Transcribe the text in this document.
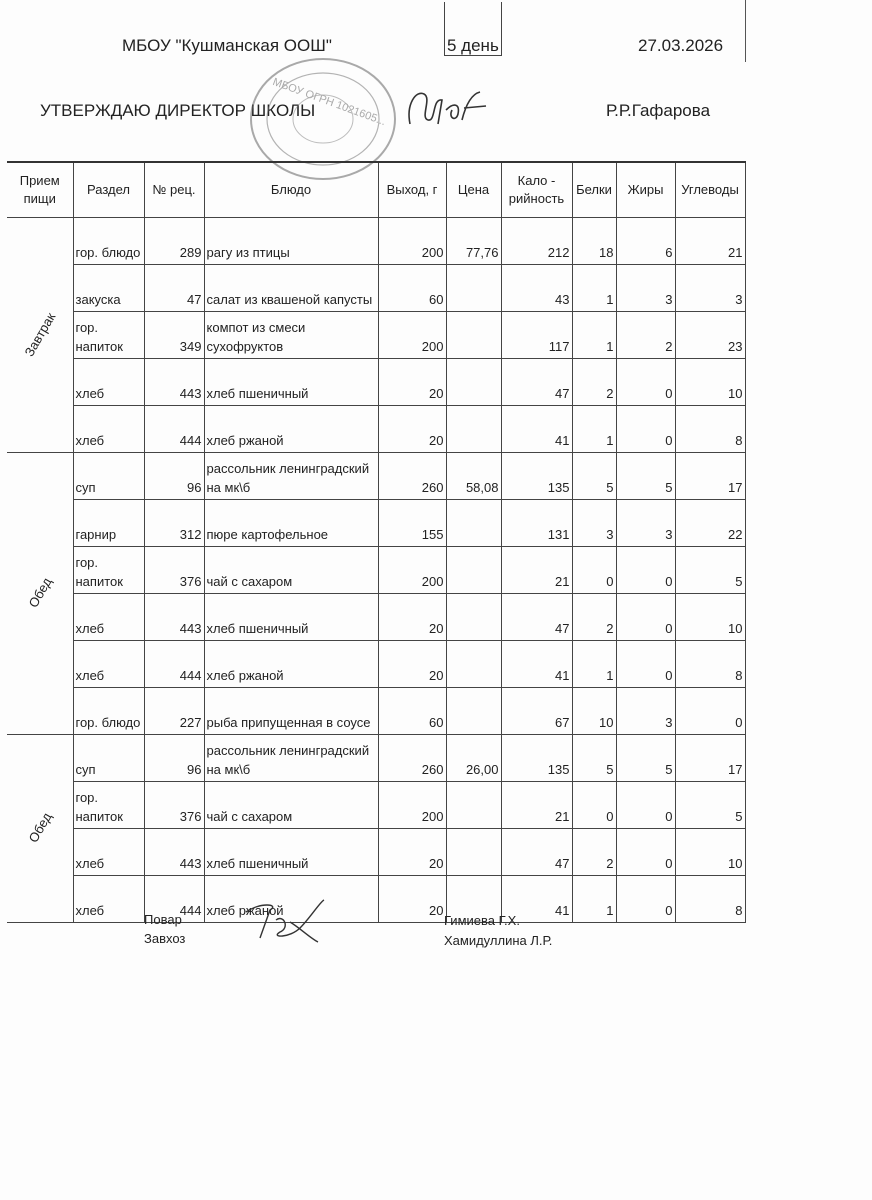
МБОУ "Кушманская ООШ"	5 день	27.03.2026
УТВЕРЖДАЮ ДИРЕКТОР ШКОЛЫ	Р.Р.Гафарова
МБОУ ОГРН 1021605...
Прием пищи	Раздел	№ рец.	Блюдо	Выход, г	Цена	Кало - рийность	Белки	Жиры	Углеводы
Завтрак	гор. блюдо	289	рагу из птицы	200	77,76	212	18	6	21
	закуска	47	салат из квашеной капусты	60		43	1	3	3
	гор. напиток	349	компот из смеси сухофруктов	200		117	1	2	23
	хлеб	443	хлеб пшеничный	20		47	2	0	10
	хлеб	444	хлеб ржаной	20		41	1	0	8
Обед	суп	96	рассольник ленинградский на мк\б	260	58,08	135	5	5	17
	гарнир	312	пюре картофельное	155		131	3	3	22
	гор. напиток	376	чай с сахаром	200		21	0	0	5
	хлеб	443	хлеб пшеничный	20		47	2	0	10
	хлеб	444	хлеб ржаной	20		41	1	0	8
	гор. блюдо	227	рыба припущенная в соусе	60		67	10	3	0
Обед	суп	96	рассольник ленинградский на мк\б	260	26,00	135	5	5	17
	гор. напиток	376	чай с сахаром	200		21	0	0	5
	хлеб	443	хлеб пшеничный	20		47	2	0	10
	хлеб	444	хлеб ржаной	20		41	1	0	8
Повар
Завхоз
Гимиева Г.Х.
Хамидуллина Л.Р.
